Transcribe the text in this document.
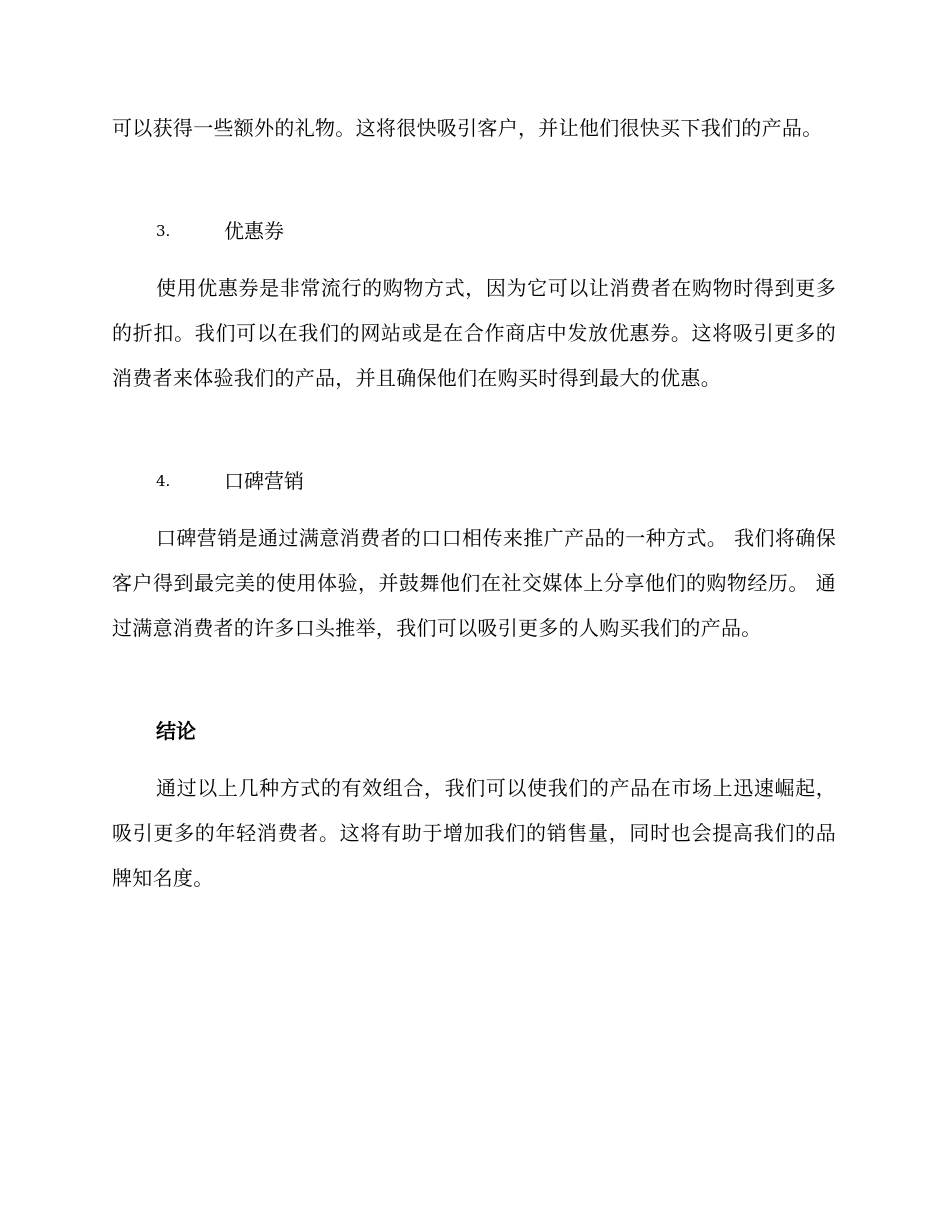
可以获得一些额外的礼物。这将很快吸引客户，并让他们很快买下我们的产品。

3.	优惠券

使用优惠券是非常流行的购物方式，因为它可以让消费者在购物时得到更多的折扣。我们可以在我们的网站或是在合作商店中发放优惠券。这将吸引更多的消费者来体验我们的产品，并且确保他们在购买时得到最大的优惠。

4.	口碑营销

口碑营销是通过满意消费者的口口相传来推广产品的一种方式。 我们将确保客户得到最完美的使用体验，并鼓舞他们在社交媒体上分享他们的购物经历。 通过满意消费者的许多口头推举，我们可以吸引更多的人购买我们的产品。

结论

通过以上几种方式的有效组合，我们可以使我们的产品在市场上迅速崛起，吸引更多的年轻消费者。这将有助于增加我们的销售量，同时也会提高我们的品牌知名度。
